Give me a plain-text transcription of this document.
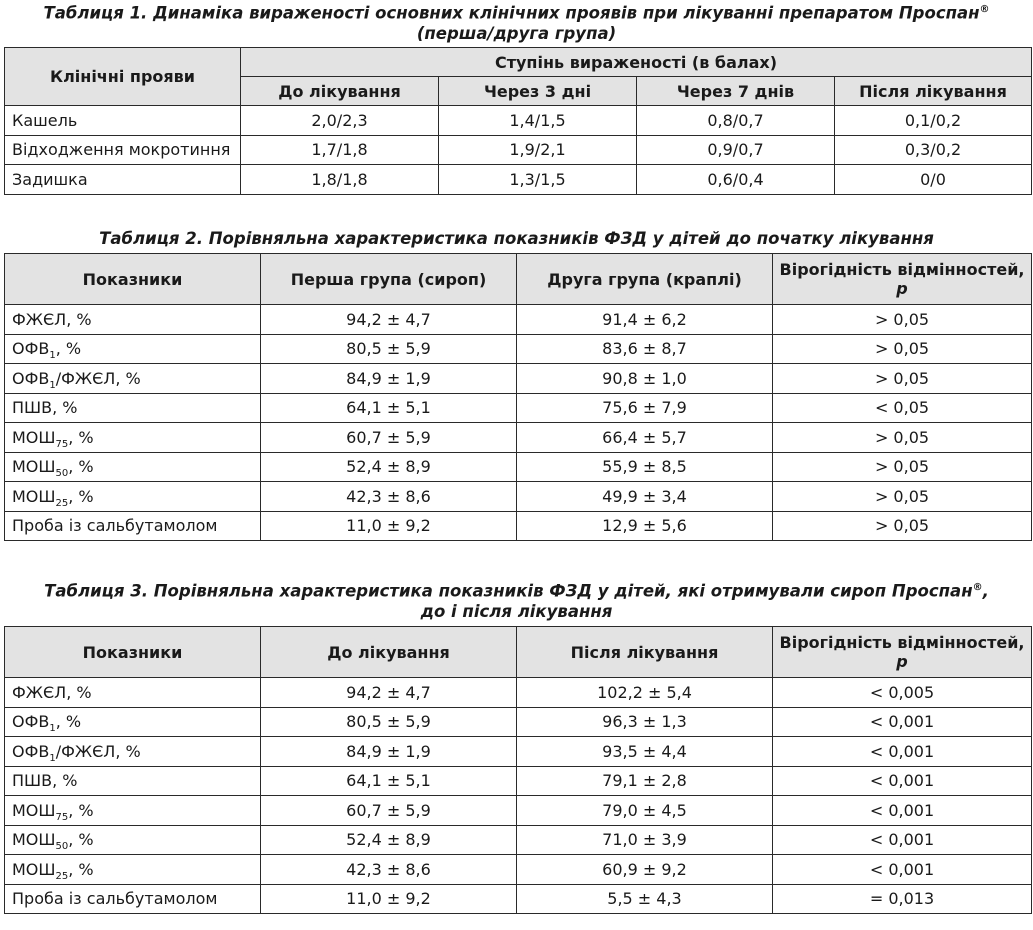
Таблиця 1. Динаміка вираженості основних клінічних проявів при лікуванні препаратом Проспан®
(перша/друга група)
Клінічні прояви	Ступінь вираженості (в балах)			
	До лікування	Через 3 дні	Через 7 днів	Після лікування
Кашель	2,0/2,3	1,4/1,5	0,8/0,7	0,1/0,2
Відходження мокротиння	1,7/1,8	1,9/2,1	0,9/0,7	0,3/0,2
Задишка	1,8/1,8	1,3/1,5	0,6/0,4	0/0
Таблиця 2. Порівняльна характеристика показників ФЗД у дітей до початку лікування
Показники	Перша група (сироп)	Друга група (краплі)	Вірогідність відмінностей,
p
ФЖЄЛ, %	94,2 ± 4,7	91,4 ± 6,2	> 0,05
$ОФВ_1$, %	80,5 ± 5,9	83,6 ± 8,7	> 0,05
$ОФВ_1$/ФЖЄЛ, %	84,9 ± 1,9	90,8 ± 1,0	> 0,05
ПШВ, %	64,1 ± 5,1	75,6 ± 7,9	< 0,05
$МОШ_{75}$, %	60,7 ± 5,9	66,4 ± 5,7	> 0,05
$МОШ_{50}$, %	52,4 ± 8,9	55,9 ± 8,5	> 0,05
$МОШ_{25}$, %	42,3 ± 8,6	49,9 ± 3,4	> 0,05
Проба із сальбутамолом	11,0 ± 9,2	12,9 ± 5,6	> 0,05
Таблиця 3. Порівняльна характеристика показників ФЗД у дітей, які отримували сироп Проспан®,
до і після лікування
Показники	До лікування	Після лікування	Вірогідність відмінностей,
p
ФЖЄЛ, %	94,2 ± 4,7	102,2 ± 5,4	< 0,005
$ОФВ_1$, %	80,5 ± 5,9	96,3 ± 1,3	< 0,001
$ОФВ_1$/ФЖЄЛ, %	84,9 ± 1,9	93,5 ± 4,4	< 0,001
ПШВ, %	64,1 ± 5,1	79,1 ± 2,8	< 0,001
$МОШ_{75}$, %	60,7 ± 5,9	79,0 ± 4,5	< 0,001
$МОШ_{50}$, %	52,4 ± 8,9	71,0 ± 3,9	< 0,001
$МОШ_{25}$, %	42,3 ± 8,6	60,9 ± 9,2	< 0,001
Проба із сальбутамолом	11,0 ± 9,2	5,5 ± 4,3	= 0,013
